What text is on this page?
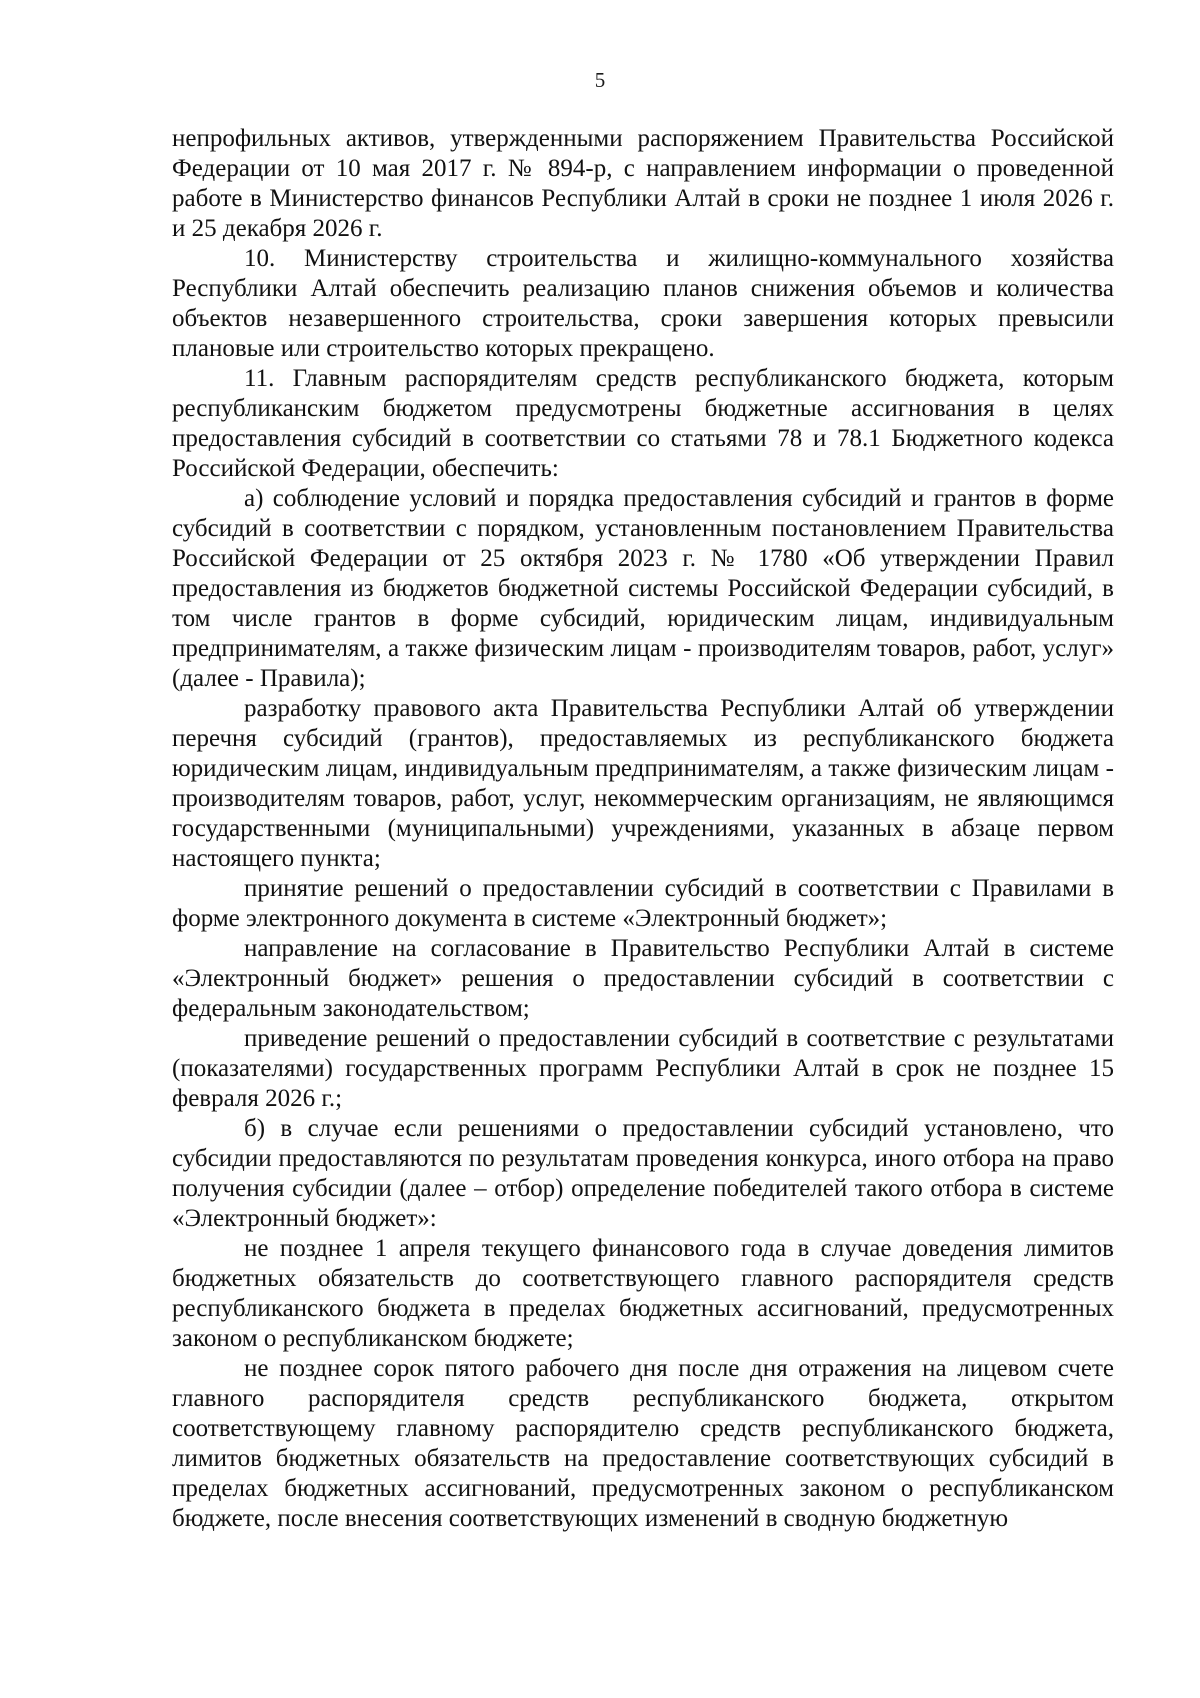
5

непрофильных активов, утвержденными распоряжением Правительства Российской Федерации от 10 мая 2017 г. № 894-р, с направлением информации о проведенной работе в Министерство финансов Республики Алтай в сроки не позднее 1 июля 2026 г. и 25 декабря 2026 г.

10. Министерству строительства и жилищно-коммунального хозяйства Республики Алтай обеспечить реализацию планов снижения объемов и количества объектов незавершенного строительства, сроки завершения которых превысили плановые или строительство которых прекращено.

11. Главным распорядителям средств республиканского бюджета, которым республиканским бюджетом предусмотрены бюджетные ассигнования в целях предоставления субсидий в соответствии со статьями 78 и 78.1 Бюджетного кодекса Российской Федерации, обеспечить:

а) соблюдение условий и порядка предоставления субсидий и грантов в форме субсидий в соответствии с порядком, установленным постановлением Правительства Российской Федерации от 25 октября 2023 г. № 1780 «Об утверждении Правил предоставления из бюджетов бюджетной системы Российской Федерации субсидий, в том числе грантов в форме субсидий, юридическим лицам, индивидуальным предпринимателям, а также физическим лицам - производителям товаров, работ, услуг» (далее - Правила);

разработку правового акта Правительства Республики Алтай об утверждении перечня субсидий (грантов), предоставляемых из республиканского бюджета юридическим лицам, индивидуальным предпринимателям, а также физическим лицам - производителям товаров, работ, услуг, некоммерческим организациям, не являющимся государственными (муниципальными) учреждениями, указанных в абзаце первом настоящего пункта;

принятие решений о предоставлении субсидий в соответствии с Правилами в форме электронного документа в системе «Электронный бюджет»;

направление на согласование в Правительство Республики Алтай в системе «Электронный бюджет» решения о предоставлении субсидий в соответствии с федеральным законодательством;

приведение решений о предоставлении субсидий в соответствие с результатами (показателями) государственных программ Республики Алтай в срок не позднее 15 февраля 2026 г.;

б) в случае если решениями о предоставлении субсидий установлено, что субсидии предоставляются по результатам проведения конкурса, иного отбора на право получения субсидии (далее – отбор) определение победителей такого отбора в системе «Электронный бюджет»:

не позднее 1 апреля текущего финансового года в случае доведения лимитов бюджетных обязательств до соответствующего главного распорядителя средств республиканского бюджета в пределах бюджетных ассигнований, предусмотренных законом о республиканском бюджете;

не позднее сорок пятого рабочего дня после дня отражения на лицевом счете главного распорядителя средств республиканского бюджета, открытом соответствующему главному распорядителю средств республиканского бюджета, лимитов бюджетных обязательств на предоставление соответствующих субсидий в пределах бюджетных ассигнований, предусмотренных законом о республиканском бюджете, после внесения соответствующих изменений в сводную бюджетную
